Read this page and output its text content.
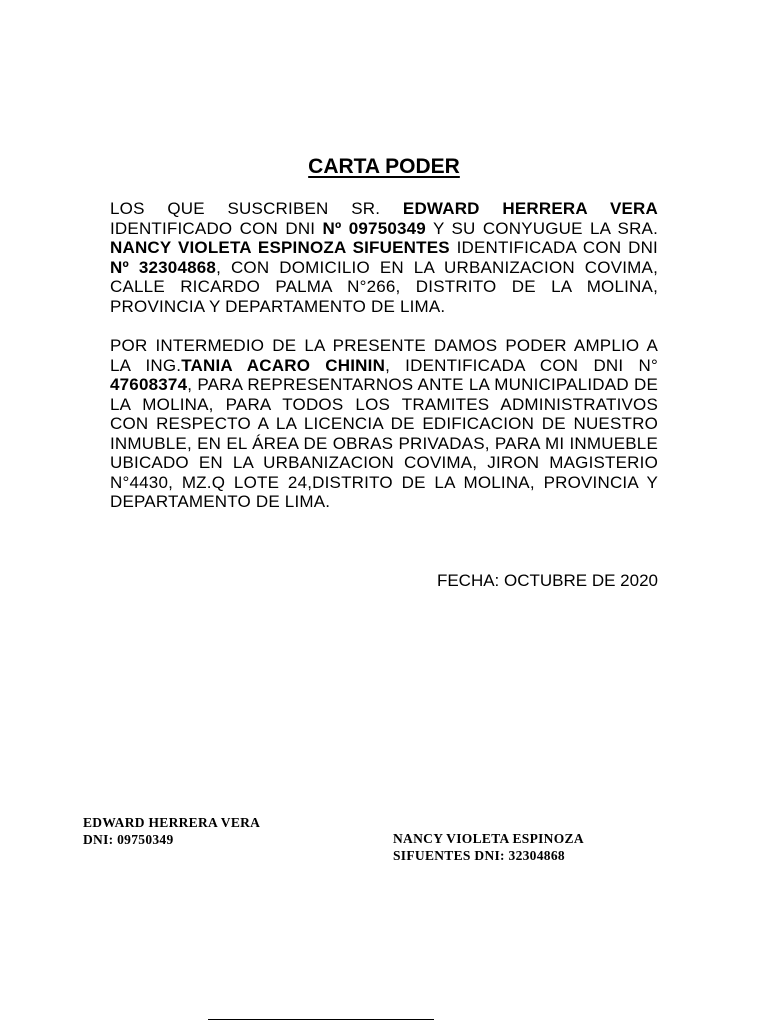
CARTA PODER

LOS QUE SUSCRIBEN SR. EDWARD HERRERA VERA IDENTIFICADO CON DNI Nº 09750349 Y SU CONYUGUE LA SRA. NANCY VIOLETA ESPINOZA SIFUENTES IDENTIFICADA CON DNI Nº 32304868, CON DOMICILIO EN LA URBANIZACION COVIMA, CALLE RICARDO PALMA N°266, DISTRITO DE LA MOLINA, PROVINCIA Y DEPARTAMENTO DE LIMA.

POR INTERMEDIO DE LA PRESENTE DAMOS PODER AMPLIO A LA ING.TANIA ACARO CHININ, IDENTIFICADA CON DNI N° 47608374, PARA REPRESENTARNOS ANTE LA MUNICIPALIDAD DE LA MOLINA, PARA TODOS LOS TRAMITES ADMINISTRATIVOS CON RESPECTO A LA LICENCIA DE EDIFICACION DE NUESTRO INMUBLE, EN EL ÁREA DE OBRAS PRIVADAS, PARA MI INMUEBLE UBICADO EN LA URBANIZACION COVIMA, JIRON MAGISTERIO N°4430, MZ.Q LOTE 24,DISTRITO DE LA MOLINA, PROVINCIA Y DEPARTAMENTO DE LIMA.

FECHA: OCTUBRE DE 2020
EDWARD HERRERA VERA
DNI: 09750349	NANCY VIOLETA ESPINOZA
SIFUENTES DNI: 32304868
